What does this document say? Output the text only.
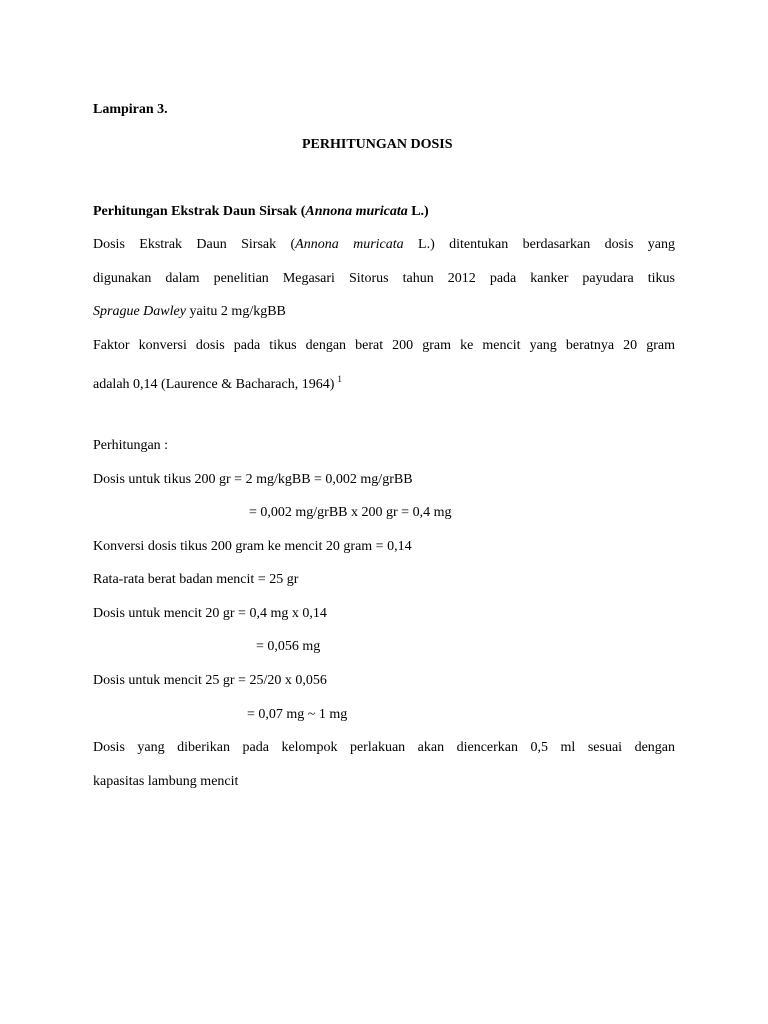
Lampiran 3.
PERHITUNGAN DOSIS
Perhitungan Ekstrak Daun Sirsak (Annona muricata L.)
Dosis Ekstrak Daun Sirsak (Annona muricata L.) ditentukan berdasarkan dosis yang
digunakan dalam penelitian Megasari Sitorus tahun 2012 pada kanker payudara tikus
Sprague Dawley yaitu 2 mg/kgBB
Faktor konversi dosis pada tikus dengan berat 200 gram ke mencit yang beratnya 20 gram
adalah 0,14 (Laurence & Bacharach, 1964) $^1$
Perhitungan :
Dosis untuk tikus 200 gr = 2 mg/kgBB = 0,002 mg/grBB
= 0,002 mg/grBB x 200 gr = 0,4 mg
Konversi dosis tikus 200 gram ke mencit 20 gram = 0,14
Rata-rata berat badan mencit = 25 gr
Dosis untuk mencit 20 gr = 0,4 mg x 0,14
= 0,056 mg
Dosis untuk mencit 25 gr = 25/20 x 0,056
= 0,07 mg ~ 1 mg
Dosis yang diberikan pada kelompok perlakuan akan diencerkan 0,5 ml sesuai dengan
kapasitas lambung mencit
